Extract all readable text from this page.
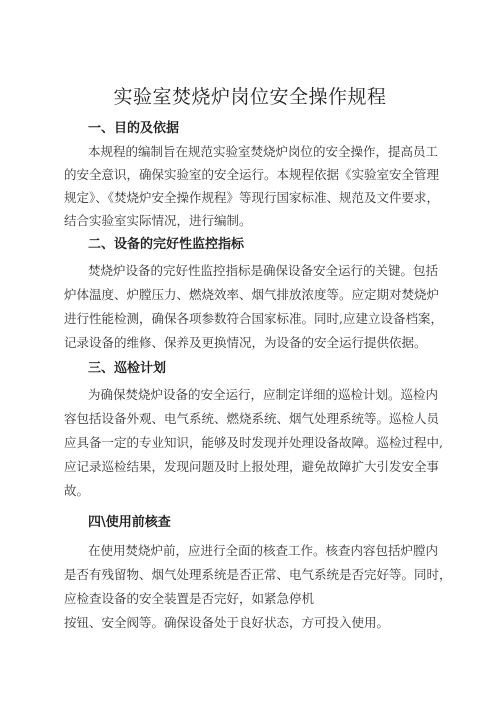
实验室焚烧炉岗位安全操作规程
一、目的及依据
本规程的编制旨在规范实验室焚烧炉岗位的安全操作，提高员工
的安全意识，确保实验室的安全运行。本规程依据《实验室安全管理
规定》、《焚烧炉安全操作规程》等现行国家标准、规范及文件要求，
结合实验室实际情况，进行编制。
二、设备的完好性监控指标
焚烧炉设备的完好性监控指标是确保设备安全运行的关键。包括
炉体温度、炉膛压力、燃烧效率、烟气排放浓度等。应定期对焚烧炉
进行性能检测，确保各项参数符合国家标准。同时,应建立设备档案，
记录设备的维修、保养及更换情况，为设备的安全运行提供依据。
三、巡检计划
为确保焚烧炉设备的安全运行，应制定详细的巡检计划。巡检内
容包括设备外观、电气系统、燃烧系统、烟气处理系统等。巡检人员
应具备一定的专业知识，能够及时发现并处理设备故障。巡检过程中,
应记录巡检结果，发现问题及时上报处理，避免故障扩大引发安全事
故。
四\使用前核查
在使用焚烧炉前，应进行全面的核查工作。核查内容包括炉膛内
是否有残留物、烟气处理系统是否正常、电气系统是否完好等。同时，
应检查设备的安全装置是否完好，如紧急停机
按钮、安全阀等。确保设备处于良好状态，方可投入使用。
